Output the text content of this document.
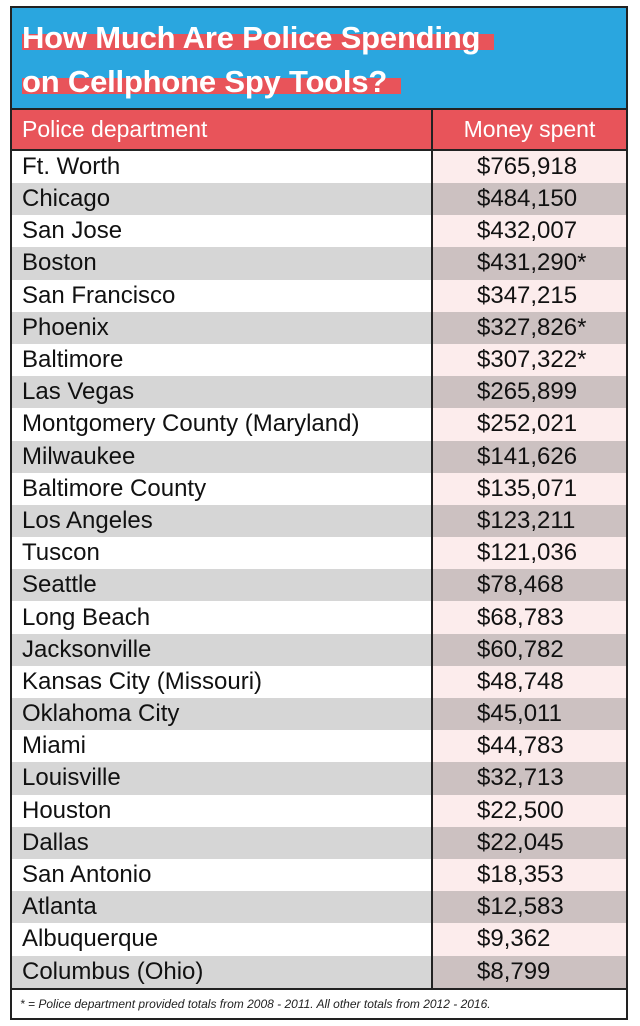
How Much Are Police Spending
on Cellphone Spy Tools?
Police department	Money spent
Ft. Worth	$765,918
Chicago	$484,150
San Jose	$432,007
Boston	$431,290*
San Francisco	$347,215
Phoenix	$327,826*
Baltimore	$307,322*
Las Vegas	$265,899
Montgomery County (Maryland)	$252,021
Milwaukee	$141,626
Baltimore County	$135,071
Los Angeles	$123,211
Tuscon	$121,036
Seattle	$78,468
Long Beach	$68,783
Jacksonville	$60,782
Kansas City (Missouri)	$48,748
Oklahoma City	$45,011
Miami	$44,783
Louisville	$32,713
Houston	$22,500
Dallas	$22,045
San Antonio	$18,353
Atlanta	$12,583
Albuquerque	$9,362
Columbus (Ohio)	$8,799
* = Police department provided totals from 2008 - 2011. All other totals from 2012 - 2016.
